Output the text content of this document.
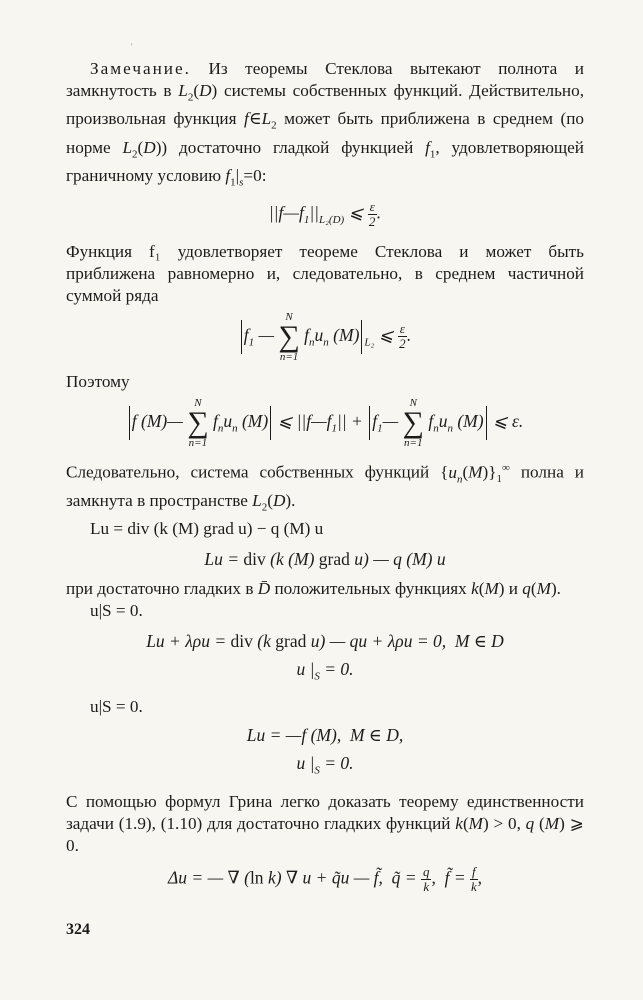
'

Замечание. Из теоремы Стеклова вытекают полнота и замкнутость в $L_2(D)$ системы собственных функций. Действительно, произвольная функция $f\in L_2$ может быть приближена в среднем (по норме $L_2(D)$) достаточно гладкой функцией $f_1$, удовлетворяющей граничному условию $f_1|_s=0$:

$||f—f_1||_{L_2(D)}$ ⩽ $\frac{\varepsilon}{2}$ .

Функция f₁ удовлетворяет теореме Стеклова и может быть приближена равномерно и, следовательно, в среднем частичной суммой ряда

$f_1$ —
N
∑
n=1
$f_nu_n$ (M) $_{L_2}$ ⩽ $\frac{\varepsilon}{2}$ .

Поэтому

f (M)—
N
∑
n=1
$f_nu_n$ (M) ⩽ $||f—f_1||$ + $f_1—$
N
∑
n=1
$f_nu_n$ (M) ⩽ ε.

Следовательно, система собственных функций $\{u_n(M)\}_1^\infty$ полна и замкнута в пространстве $L_2(D)$.

Lu = div (k (M) grad u) − q (M) u

Lu = div (k (M) grad u) — q (M) u

при достаточно гладких в D̄ положительных функциях k(M) и q(M).

u|S = 0.

Lu + λρu = div (k grad u) — qu + λρu = 0,  M ∈ D
u $|_S = 0$.

u|S = 0.

Lu = —f (M),  M ∈ D,
u $|_S = 0$.

С помощью формул Грина легко доказать теорему единственности задачи (1.9), (1.10) для достаточно гладких функций k(M) > 0, q (M) ⩾ 0.

Δu = — ∇ (ln k) ∇ u + q̃u — f̃,  q̃ = $\frac{q}{k}$ ,  f̃ = $\frac{f}{k}$ ,
324
